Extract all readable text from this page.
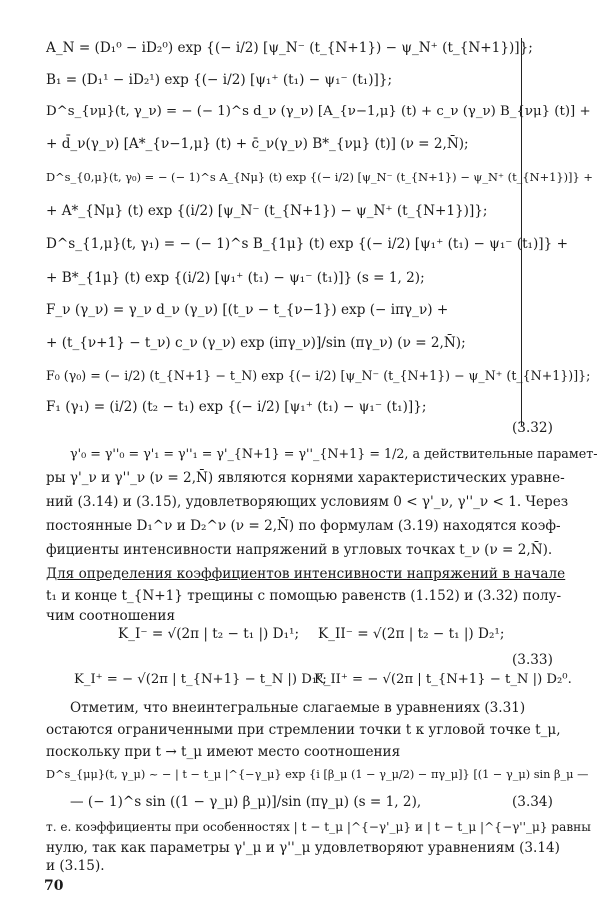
A_N = (D₁⁰ − iD₂⁰) exp {(− i/2) [ψ_N⁻ (t_{N+1}) − ψ_N⁺ (t_{N+1})]};
B₁ = (D₁¹ − iD₂¹) exp {(− i/2) [ψ₁⁺ (t₁) − ψ₁⁻ (t₁)]};
D^s_{νμ}(t, γ_ν) = − (− 1)^s d_ν (γ_ν) [A_{ν−1,μ} (t) + c_ν (γ_ν) B_{νμ} (t)] +
+ d̄_ν(γ_ν) [A*_{ν−1,μ} (t) + c̄_ν(γ_ν) B*_{νμ} (t)] (ν = 2,N̄);
D^s_{0,μ}(t, γ₀) = − (− 1)^s A_{Nμ} (t) exp {(− i/2) [ψ_N⁻ (t_{N+1}) − ψ_N⁺ (t_{N+1})]} +
+ A*_{Nμ} (t) exp {(i/2) [ψ_N⁻ (t_{N+1}) − ψ_N⁺ (t_{N+1})]};
D^s_{1,μ}(t, γ₁) = − (− 1)^s B_{1μ} (t) exp {(− i/2) [ψ₁⁺ (t₁) − ψ₁⁻ (t₁)]} +
+ B*_{1μ} (t) exp {(i/2) [ψ₁⁺ (t₁) − ψ₁⁻ (t₁)]} (s = 1, 2);
F_ν (γ_ν) = γ_ν d_ν (γ_ν) [(t_ν − t_{ν−1}) exp (− iπγ_ν) +
+ (t_{ν+1} − t_ν) c_ν (γ_ν) exp (iπγ_ν)]/sin (πγ_ν) (ν = 2,N̄);
F₀ (γ₀) = (− i/2) (t_{N+1} − t_N) exp {(− i/2) [ψ_N⁻ (t_{N+1}) − ψ_N⁺ (t_{N+1})]};
F₁ (γ₁) = (i/2) (t₂ − t₁) exp {(− i/2) [ψ₁⁺ (t₁) − ψ₁⁻ (t₁)]};
(3.32)
γ'₀ = γ''₀ = γ'₁ = γ''₁ = γ'_{N+1} = γ''_{N+1} = 1/2, а действительные парамет-
ры γ'_ν и γ''_ν (ν = 2,N̄) являются корнями характеристических уравне-
ний (3.14) и (3.15), удовлетворяющих условиям 0 < γ'_ν, γ''_ν < 1. Через
постоянные D₁^ν и D₂^ν (ν = 2,N̄) по формулам (3.19) находятся коэф-
фициенты интенсивности напряжений в угловых точках t_ν (ν = 2,N̄).
Для определения коэффициентов интенсивности напряжений в начале
t₁ и конце t_{N+1} трещины с помощью равенств (1.152) и (3.32) полу-
чим соотношения
K_I⁻ = √(2π | t₂ − t₁ |) D₁¹; K_II⁻ = √(2π | t₂ − t₁ |) D₂¹;
(3.33)
K_I⁺ = − √(2π | t_{N+1} − t_N |) D₁⁰;
K_II⁺ = − √(2π | t_{N+1} − t_N |) D₂⁰.
Отметим, что внеинтегральные слагаемые в уравнениях (3.31)
остаются ограниченными при стремлении точки t к угловой точке t_μ,
поскольку при t → t_μ имеют место соотношения
D^s_{μμ}(t, γ_μ) ~ − | t − t_μ |^{−γ_μ} exp {i [β_μ (1 − γ_μ/2) − πγ_μ]} [(1 − γ_μ) sin β_μ —
— (− 1)^s sin ((1 − γ_μ) β_μ)]/sin (πγ_μ) (s = 1, 2),	(3.34)
т. е. коэффициенты при особенностях | t − t_μ |^{−γ'_μ} и | t − t_μ |^{−γ''_μ} равны
нулю, так как параметры γ'_μ и γ''_μ удовлетворяют уравнениям (3.14)
и (3.15).
70
